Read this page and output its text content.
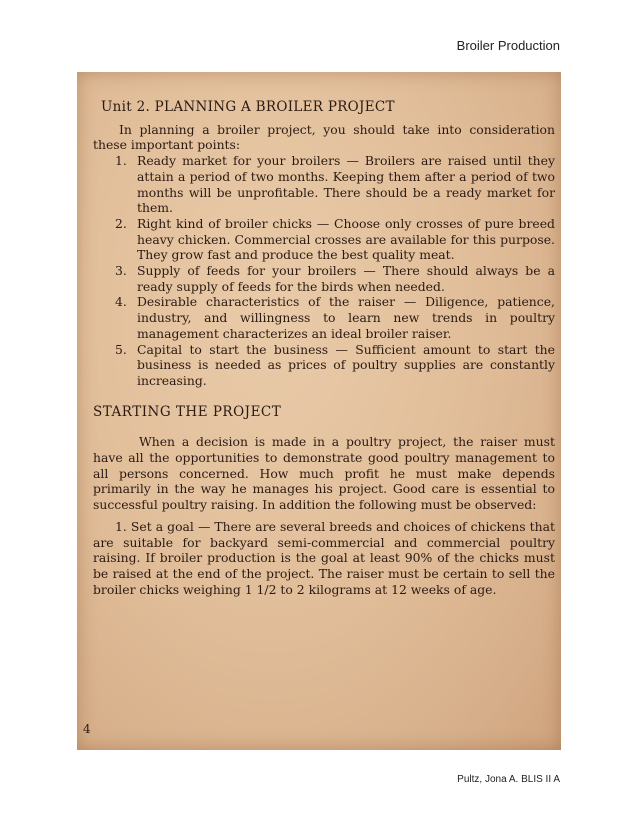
Broiler Production
Unit 2. PLANNING A BROILER PROJECT

In planning a broiler project, you should take into consideration these important points:

1. Ready market for your broilers — Broilers are raised until they attain a period of two months. Keeping them after a period of two months will be unprofitable. There should be a ready market for them.
2. Right kind of broiler chicks — Choose only crosses of pure breed heavy chicken. Commercial crosses are available for this purpose. They grow fast and produce the best quality meat.
3. Supply of feeds for your broilers — There should always be a ready supply of feeds for the birds when needed.
4. Desirable characteristics of the raiser — Diligence, patience, industry, and willingness to learn new trends in poultry management characterizes an ideal broiler raiser.
5. Capital to start the business — Sufficient amount to start the business is needed as prices of poultry supplies are constantly increasing.
STARTING THE PROJECT

When a decision is made in a poultry project, the raiser must have all the opportunities to demonstrate good poultry management to all persons concerned. How much profit he must make depends primarily in the way he manages his project. Good care is essential to successful poultry raising. In addition the following must be observed:

1. Set a goal — There are several breeds and choices of chickens that are suitable for backyard semi-commercial and commercial poultry raising. If broiler production is the goal at least 90% of the chicks must be raised at the end of the project. The raiser must be certain to sell the broiler chicks weighing 1 1/2 to 2 kilograms at 12 weeks of age.

4
Pultz, Jona A. BLIS II A
